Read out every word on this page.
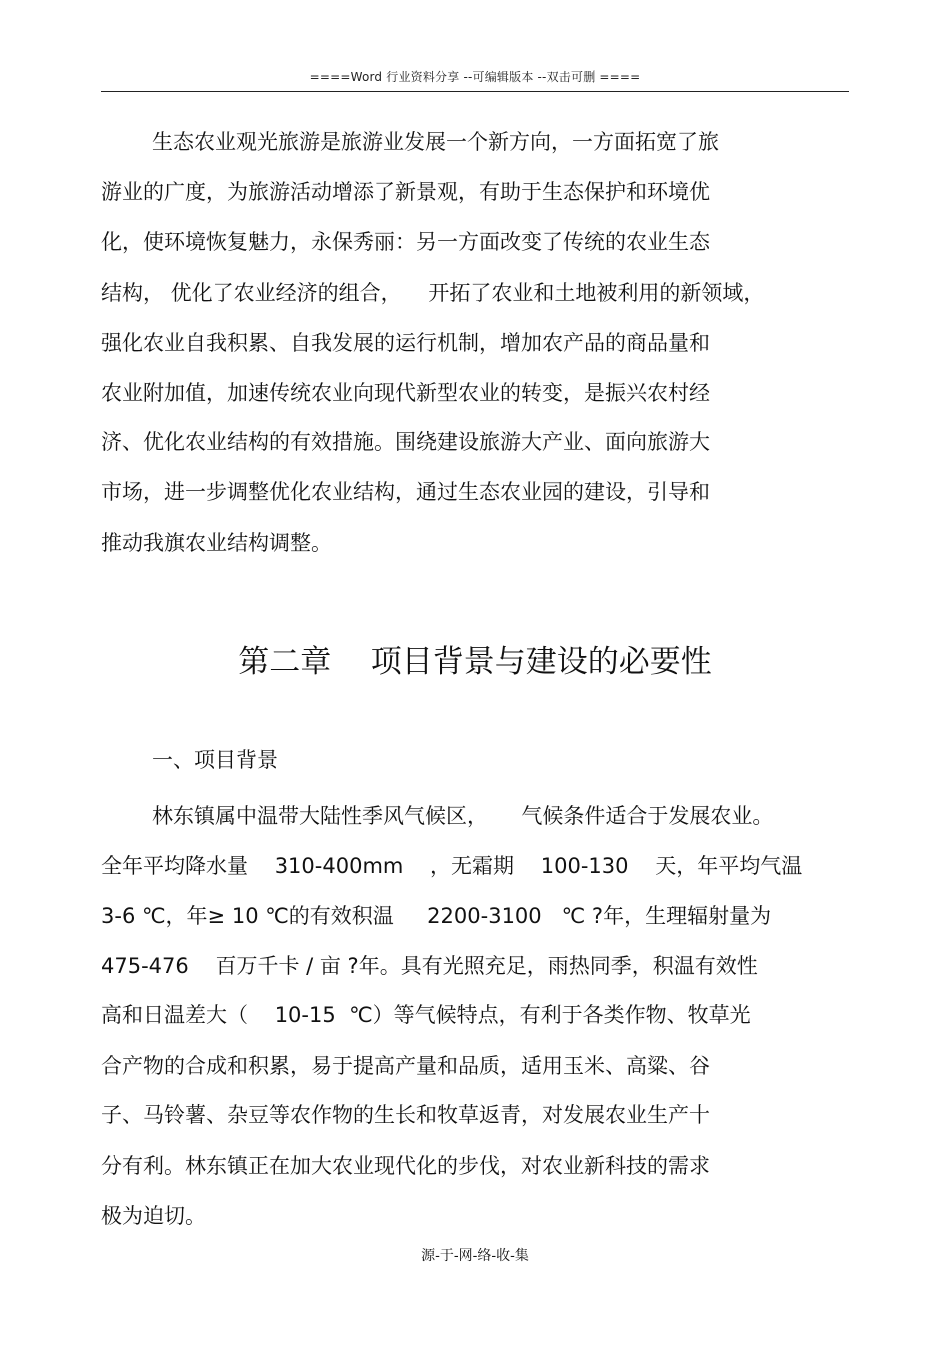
====Word 行业资料分享 --可编辑版本 --双击可删 ====
生态农业观光旅游是旅游业发展一个新方向，一方面拓宽了旅
游业的广度，为旅游活动增添了新景观，有助于生态保护和环境优
化，使环境恢复魅力，永保秀丽：另一方面改变了传统的农业生态
结构， 优化了农业经济的组合，    开拓了农业和土地被利用的新领域，
强化农业自我积累、自我发展的运行机制，增加农产品的商品量和
农业附加值，加速传统农业向现代新型农业的转变，是振兴农村经
济、优化农业结构的有效措施。围绕建设旅游大产业、面向旅游大
市场，进一步调整优化农业结构，通过生态农业园的建设，引导和
推动我旗农业结构调整。
第二章    项目背景与建设的必要性
一、项目背景
林东镇属中温带大陆性季风气候区，     气候条件适合于发展农业。
全年平均降水量    310-400mm    ，无霜期    100-130    天，年平均气温
3-6 ℃，年≥ 10 ℃的有效积温     2200-3100   ℃ ?年，生理辐射量为
475-476    百万千卡 / 亩 ?年。具有光照充足，雨热同季，积温有效性
高和日温差大（    10-15  ℃）等气候特点，有利于各类作物、牧草光
合产物的合成和积累，易于提高产量和品质，适用玉米、高粱、谷
子、马铃薯、杂豆等农作物的生长和牧草返青，对发展农业生产十
分有利。林东镇正在加大农业现代化的步伐，对农业新科技的需求
极为迫切。
源-于-网-络-收-集
